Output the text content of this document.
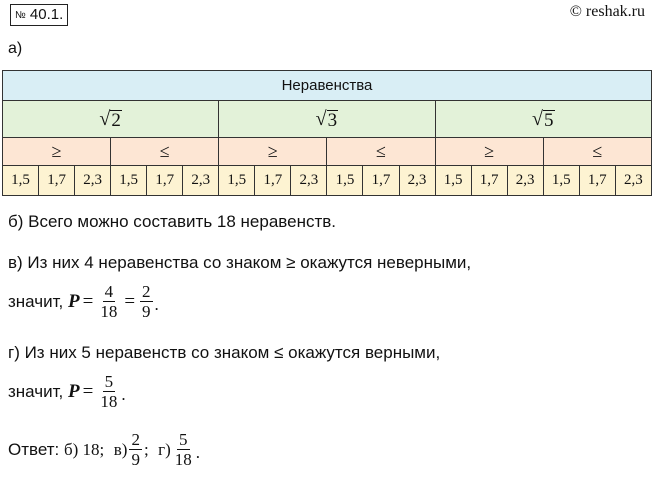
№ 40.1.	© reshak.ru
а)
Неравенства																	

√ 2						√ 3						√ 5					

≥			≤			≥			≤			≥			≤		
1,5	1,7	2,3	1,5	1,7	2,3	1,5	1,7	2,3	1,5	1,7	2,3	1,5	1,7	2,3	1,5	1,7	2,3
б) Всего можно составить 18 неравенств.
в) Из них 4 неравенства со знаком ≥ окажутся неверными,
значит,
$P = \frac{4}{18} = \frac{2}{9}$ .
г) Из них 5 неравенств со знаком ≤ окажутся верными,
значит,
$P = \frac{5}{18}$ .
Ответ:
б) 18;
$в) \frac{2}{9}$ ;
$г) \frac{5}{18}$ .
